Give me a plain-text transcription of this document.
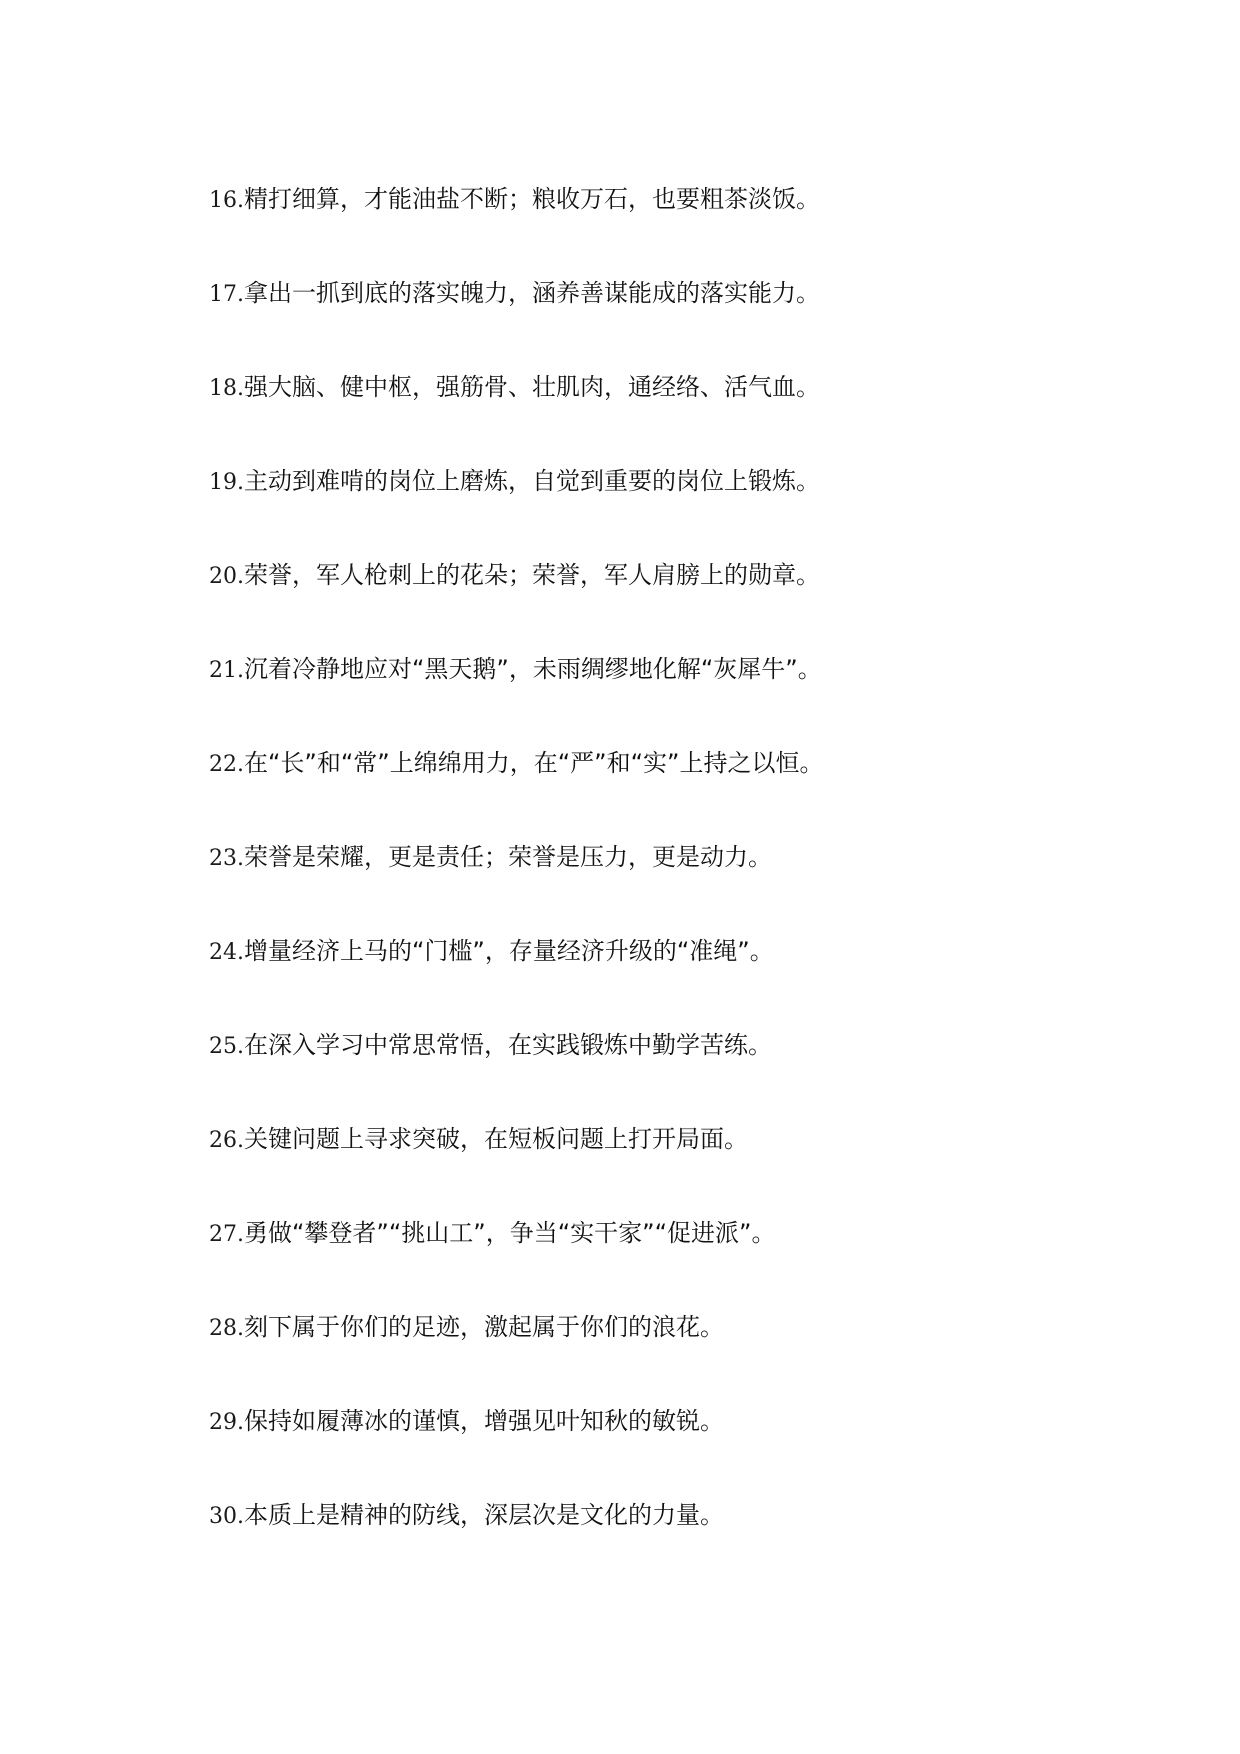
16.精打细算，才能油盐不断；粮收万石，也要粗茶淡饭。
17.拿出一抓到底的落实魄力，涵养善谋能成的落实能力。
18.强大脑、健中枢，强筋骨、壮肌肉，通经络、活气血。
19.主动到难啃的岗位上磨炼，自觉到重要的岗位上锻炼。
20.荣誉，军人枪刺上的花朵；荣誉，军人肩膀上的勋章。
21.沉着冷静地应对“黑天鹅”，未雨绸缪地化解“灰犀牛”。
22.在“长”和“常”上绵绵用力，在“严”和“实”上持之以恒。
23.荣誉是荣耀，更是责任；荣誉是压力，更是动力。
24.增量经济上马的“门槛”，存量经济升级的“准绳”。
25.在深入学习中常思常悟，在实践锻炼中勤学苦练。
26.关键问题上寻求突破，在短板问题上打开局面。
27.勇做“攀登者”“挑山工”，争当“实干家”“促进派”。
28.刻下属于你们的足迹，激起属于你们的浪花。
29.保持如履薄冰的谨慎，增强见叶知秋的敏锐。
30.本质上是精神的防线，深层次是文化的力量。
